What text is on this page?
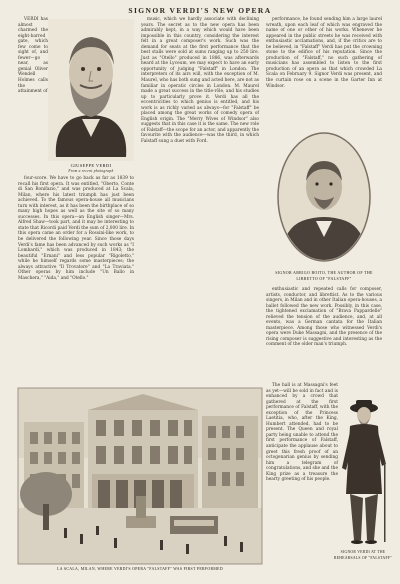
SIGNOR VERDI'S NEW OPERA
GIUSEPPE VERDI
From a recent photograph

VERDI has almost charmed the eight-barred gate, which few come to sight of, and fewer—go near, as genial Oliver Wendell Holmes calls the attainment of

four-score. We have to go back as far as 1839 to recall his first opera. It was entitled, "Oberto, Conte di San Bonifazio," and was produced at La Scala, Milan, where his latest triumph has just been achieved. To the famous opera-house all musicians turn with interest, as it has been the birthplace of so many high hopes as well as the site of so many successes. In this opera—an English singer—Mrs. Alfred Shaw—took part, and it may be interesting to state that Ricordi paid Verdi the sum of 2,000 lire. In this opera came an order for a Rossini-like work, to be delivered the following year. Since those days Verdi's fame has been advanced by such works as "I Lombardi," which was produced in 1843; the beautiful "Ernani" and less popular "Rigoletto," while he himself regards some masterpieces; the always attractive "Il Trovatore" and "La Traviata." Other operas by him include "Un Ballo in Maschera," "Aida," and "Otello."

music, which we hardly associate with declining years. The secret as to the new opera has been admirably kept, in a way which would have been impossible in this country, considering the interest felt in a great composer's work. Such was the demand for seats at the first performance that the best stalls were sold at sums ranging up to 250 lire. Just as "Otello" produced in 1886, was afterwards heard at the Lyceum, we may expect to have an early opportunity of judging "Falstaff" in London. The interpreters of its airs will, with the exception of M. Maurel, who has both sung and acted here, are not as familiar in operatic circles in London. M. Maurel made a great success in the title-rôle, and his studies up to particularly prove it. Verdi has all the eccentricities to which genius is entitled, and his work is as richly varied as always—for "Falstaff" be placed among the great works of comedy opera of English origin. The "Merry Wives of Windsor" also suggests that in this case it is the same. The new role of Falstaff—the scope for an actor, and apparently the favourite with the audience—was the third, in which Falstaff sung a duet with Ford.

performance, he found sending him a large laurel wreath, upon each leaf of which was engraved the name of one or other of his works. Whenever he appeared in the public streets he was received with enthusiastic acclamations, and, if the critics are to be believed, in "Falstaff" Verdi has put the crowning stone to the edifice of his reputation. Since the production of "Falstaff," no such gathering of musicians has assembled to listen to the first production of an opera as that which crowded La Scala on February 9. Signor Verdi was present, and the curtain rose on a scene in the Garter Inn at Windsor.

SIGNOR ARRIGO BOITO, THE AUTHOR OF THE
LIBRETTO OF "FALSTAFF"

enthusiastic and repeated calls for composer, artists, conductor, and librettist. As to the various singers, in Milan and in other Italian opera-houses, a ballet followed the new work. Possibly, in this case, the tightened exclamation of "Brava Pappardelle" relieved the tension of the audience, and, at all events, was a German cantata for the Italian masterpiece. Among those who witnessed Verdi's opera were Duke Massagni, and the presence of the rising composer is suggestive and interesting as the comment of the older man's triumph.

The hall is at Massagni's feet as yet—will be sold in fact and is enhanced by a crowd that gathered at the first performance of Falstaff, with the exception of the Princess Laetitia, who, after the King, Humbert attended, had to be present. The Queen and royal party being unable to attend the first performance of Falstaff, anticipate the applause about to greet this fresh proof of an octogenarian genius by sending him a telegram of congratulations, and she and the King prize as a treasure the hearty greeting of his people.

LA SCALA, MILAN, WHERE VERDI'S OPERA "FALSTAFF" WAS FIRST PERFORMED
SIGNOR VERDI AT THE
REHEARSALS OF "FALSTAFF"
